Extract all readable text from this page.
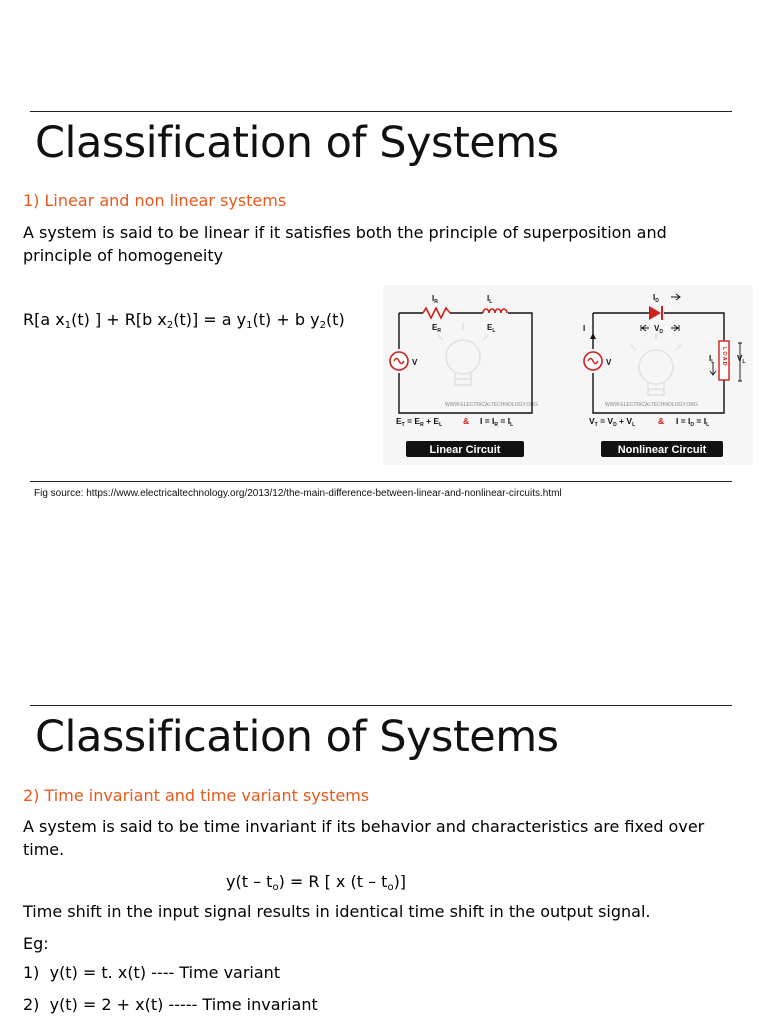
Classification of Systems
1) Linear and non linear systems
A system is said to be linear if it satisfies both the principle of superposition and principle of homogeneity
R[a $x_1(t)$ ] + R[b $x_2(t)] = a$ $y_1(t) + b$ $y_2(t)$
WWW.ELECTRICALTECHNOLOGY.ORG
$I_R$	$I_L$
$E_R$	$E_L$
V
$E_T = E_R + E_L$ & $I = I_R = I_L$
Linear Circuit
WWW.ELECTRICALTECHNOLOGY.ORG
LOAD
$I_D$
$V_D$
I
V	$I_L$	$V_L$
$V_T = V_D + V_L$	& $I = I_D = I_L$
Nonlinear Circuit
Fig source: https://www.electricaltechnology.org/2013/12/the-main-difference-between-linear-and-nonlinear-circuits.html
Classification of Systems
2) Time invariant and time variant systems
A system is said to be time invariant if its behavior and characteristics are fixed over time.
$y(t - t_o) = R$ [ x $(t - t_o)$]
Time shift in the input signal results in identical time shift in the output signal.
Eg:
1) y(t) = t. x(t) ---- Time variant
2) y(t) = 2 + x(t) ----- Time invariant
